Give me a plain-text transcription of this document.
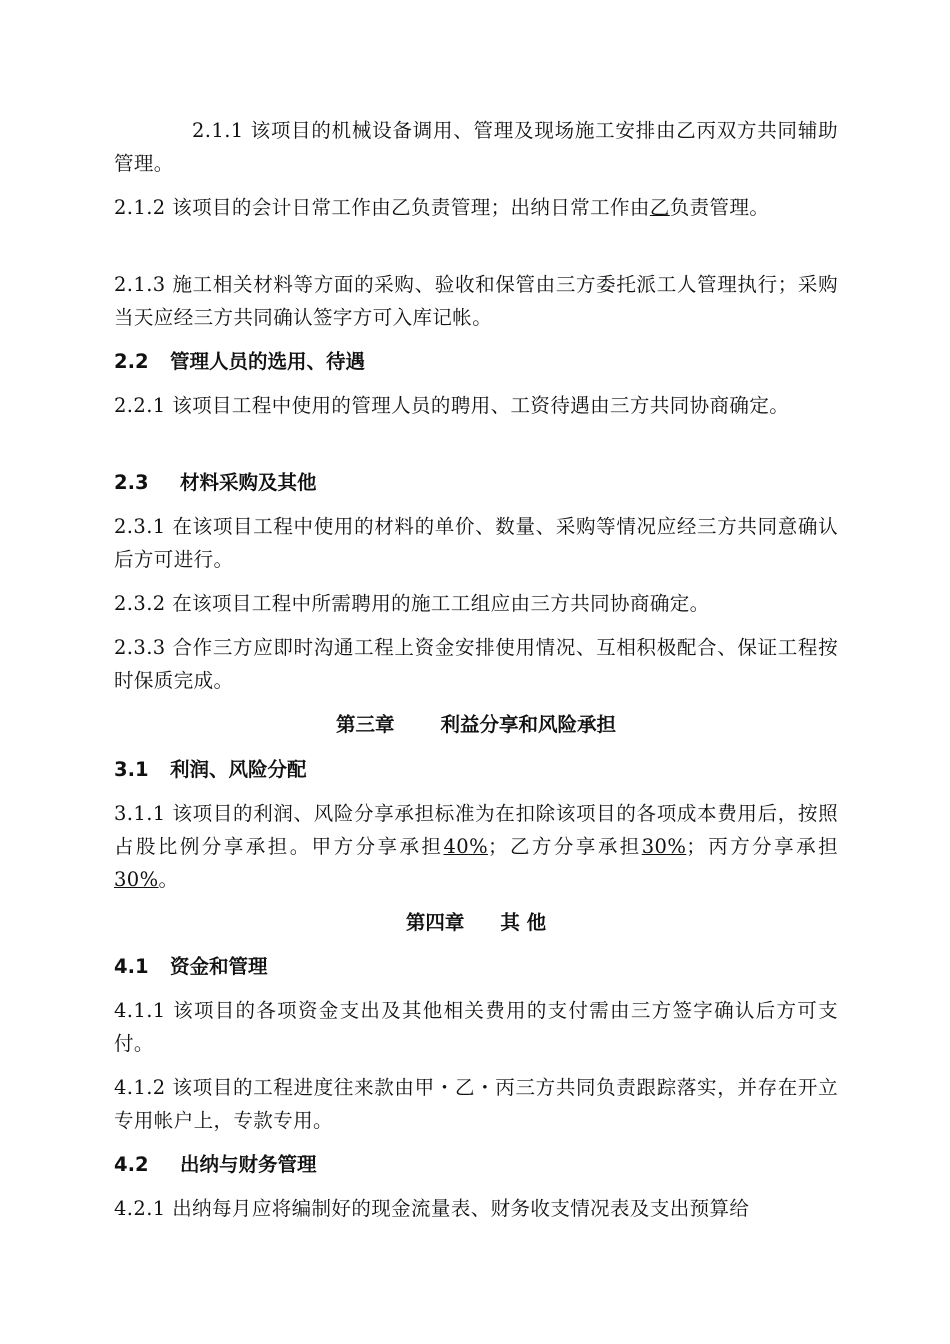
2.1.1 该项目的机械设备调用、管理及现场施工安排由乙丙双方共同辅助管理。
2.1.2 该项目的会计日常工作由乙负责管理；出纳日常工作由乙负责管理。
2.1.3 施工相关材料等方面的采购、验收和保管由三方委托派工人管理执行；采购当天应经三方共同确认签字方可入库记帐。
2.2 管理人员的选用、待遇
2.2.1 该项目工程中使用的管理人员的聘用、工资待遇由三方共同协商确定。
2.3 材料采购及其他
2.3.1 在该项目工程中使用的材料的单价、数量、采购等情况应经三方共同意确认后方可进行。
2.3.2 在该项目工程中所需聘用的施工工组应由三方共同协商确定。
2.3.3 合作三方应即时沟通工程上资金安排使用情况、互相积极配合、保证工程按时保质完成。
第三章 利益分享和风险承担
3.1 利润、风险分配
3.1.1 该项目的利润、风险分享承担标准为在扣除该项目的各项成本费用后，按照占股比例分享承担。甲方分享承担40%；乙方分享承担30%；丙方分享承担30%。
第四章 其 他
4.1 资金和管理
4.1.1 该项目的各项资金支出及其他相关费用的支付需由三方签字确认后方可支付。
4.1.2 该项目的工程进度往来款由甲・乙・丙三方共同负责跟踪落实，并存在开立专用帐户上，专款专用。
4.2 出纳与财务管理
4.2.1 出纳每月应将编制好的现金流量表、财务收支情况表及支出预算给
